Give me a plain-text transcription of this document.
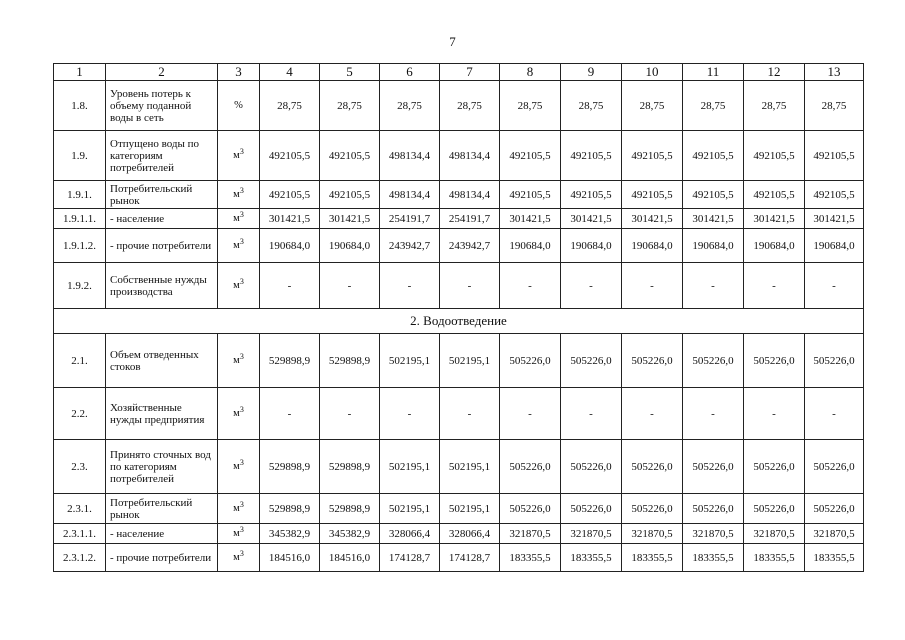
7
1	2	3	4	5	6	7	8	9	10	11	12	13
1.8.	Уровень потерь к объему поданной воды в сеть	%	28,75	28,75	28,75	28,75	28,75	28,75	28,75	28,75	28,75	28,75
1.9.	Отпущено воды по категориям потребителей	$м^3$	492105,5	492105,5	498134,4	498134,4	492105,5	492105,5	492105,5	492105,5	492105,5	492105,5
1.9.1.	Потребительский рынок	$м^3$	492105,5	492105,5	498134,4	498134,4	492105,5	492105,5	492105,5	492105,5	492105,5	492105,5
1.9.1.1.	- население	$м^3$	301421,5	301421,5	254191,7	254191,7	301421,5	301421,5	301421,5	301421,5	301421,5	301421,5
1.9.1.2.	- прочие потребители	$м^3$	190684,0	190684,0	243942,7	243942,7	190684,0	190684,0	190684,0	190684,0	190684,0	190684,0
1.9.2.	Собственные нужды производства	$м^3$	-	-	-	-	-	-	-	-	-	-
2. Водоотведение												
2.1.	Объем отведенных стоков	$м^3$	529898,9	529898,9	502195,1	502195,1	505226,0	505226,0	505226,0	505226,0	505226,0	505226,0
2.2.	Хозяйственные нужды предприятия	$м^3$	-	-	-	-	-	-	-	-	-	-
2.3.	Принято сточных вод по категориям потребителей	$м^3$	529898,9	529898,9	502195,1	502195,1	505226,0	505226,0	505226,0	505226,0	505226,0	505226,0
2.3.1.	Потребительский рынок	$м^3$	529898,9	529898,9	502195,1	502195,1	505226,0	505226,0	505226,0	505226,0	505226,0	505226,0
2.3.1.1.	- население	$м^3$	345382,9	345382,9	328066,4	328066,4	321870,5	321870,5	321870,5	321870,5	321870,5	321870,5
2.3.1.2.	- прочие потребители	$м^3$	184516,0	184516,0	174128,7	174128,7	183355,5	183355,5	183355,5	183355,5	183355,5	183355,5
